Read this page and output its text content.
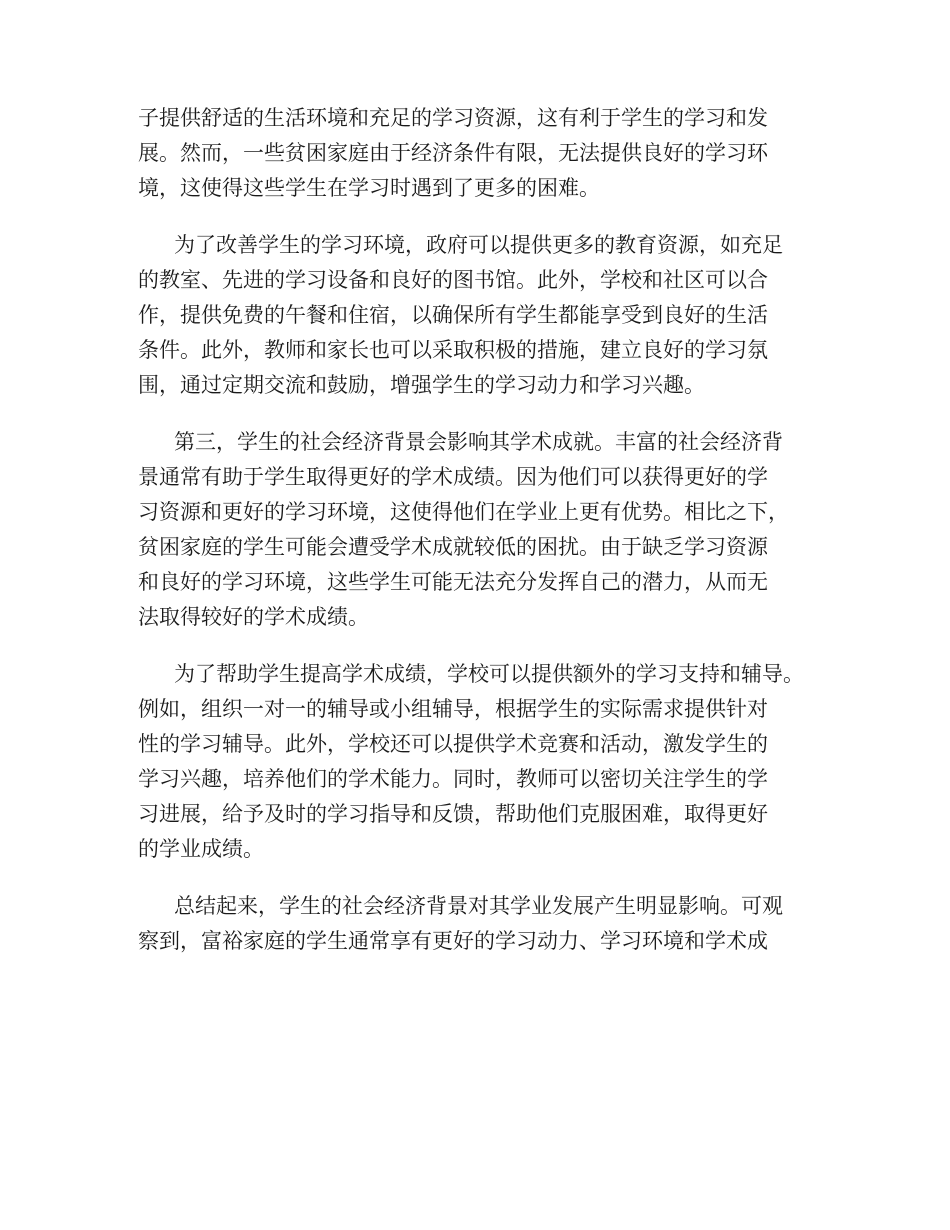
子提供舒适的生活环境和充足的学习资源，这有利于学生的学习和发
展。然而，一些贫困家庭由于经济条件有限，无法提供良好的学习环
境，这使得这些学生在学习时遇到了更多的困难。
为了改善学生的学习环境，政府可以提供更多的教育资源，如充足
的教室、先进的学习设备和良好的图书馆。此外，学校和社区可以合
作，提供免费的午餐和住宿，以确保所有学生都能享受到良好的生活
条件。此外，教师和家长也可以采取积极的措施，建立良好的学习氛
围，通过定期交流和鼓励，增强学生的学习动力和学习兴趣。
第三，学生的社会经济背景会影响其学术成就。丰富的社会经济背
景通常有助于学生取得更好的学术成绩。因为他们可以获得更好的学
习资源和更好的学习环境，这使得他们在学业上更有优势。相比之下，
贫困家庭的学生可能会遭受学术成就较低的困扰。由于缺乏学习资源
和良好的学习环境，这些学生可能无法充分发挥自己的潜力，从而无
法取得较好的学术成绩。
为了帮助学生提高学术成绩，学校可以提供额外的学习支持和辅导。
例如，组织一对一的辅导或小组辅导，根据学生的实际需求提供针对
性的学习辅导。此外，学校还可以提供学术竞赛和活动，激发学生的
学习兴趣，培养他们的学术能力。同时，教师可以密切关注学生的学
习进展，给予及时的学习指导和反馈，帮助他们克服困难，取得更好
的学业成绩。
总结起来，学生的社会经济背景对其学业发展产生明显影响。可观
察到，富裕家庭的学生通常享有更好的学习动力、学习环境和学术成
